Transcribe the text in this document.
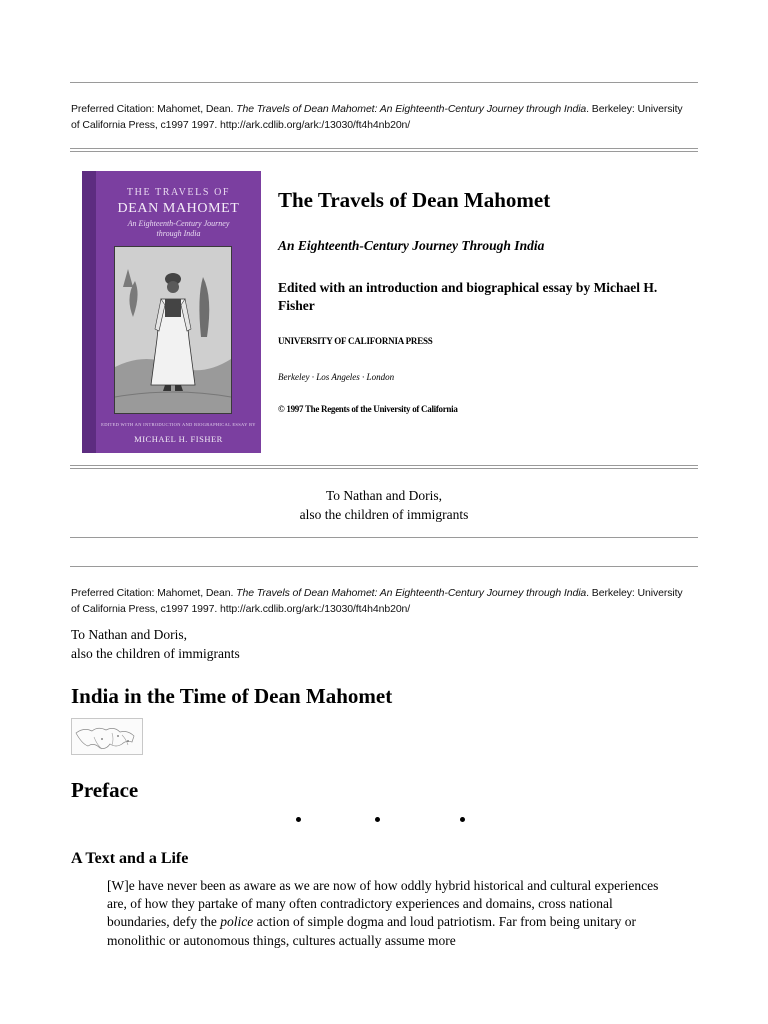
Preferred Citation: Mahomet, Dean. The Travels of Dean Mahomet: An Eighteenth-Century Journey through India. Berkeley: University of California Press, c1997 1997. http://ark.cdlib.org/ark:/13030/ft4h4nb20n/
THE TRAVELS OF
DEAN MAHOMET
An Eighteenth-Century Journey through India
EDITED WITH AN INTRODUCTION AND BIOGRAPHICAL ESSAY BY
MICHAEL H. FISHER
The Travels of Dean Mahomet
An Eighteenth-Century Journey Through India
Edited with an introduction and biographical essay by Michael H. Fisher
UNIVERSITY OF CALIFORNIA PRESS
Berkeley · Los Angeles · London
© 1997 The Regents of the University of California
To Nathan and Doris,
also the children of immigrants
Preferred Citation: Mahomet, Dean. The Travels of Dean Mahomet: An Eighteenth-Century Journey through India. Berkeley: University of California Press, c1997 1997. http://ark.cdlib.org/ark:/13030/ft4h4nb20n/
To Nathan and Doris,
also the children of immigrants
India in the Time of Dean Mahomet
Preface
A Text and a Life
[W]e have never been as aware as we are now of how oddly hybrid historical and cultural experiences are, of how they partake of many often contradictory experiences and domains, cross national boundaries, defy the police action of simple dogma and loud patriotism. Far from being unitary or monolithic or autonomous things, cultures actually assume more
